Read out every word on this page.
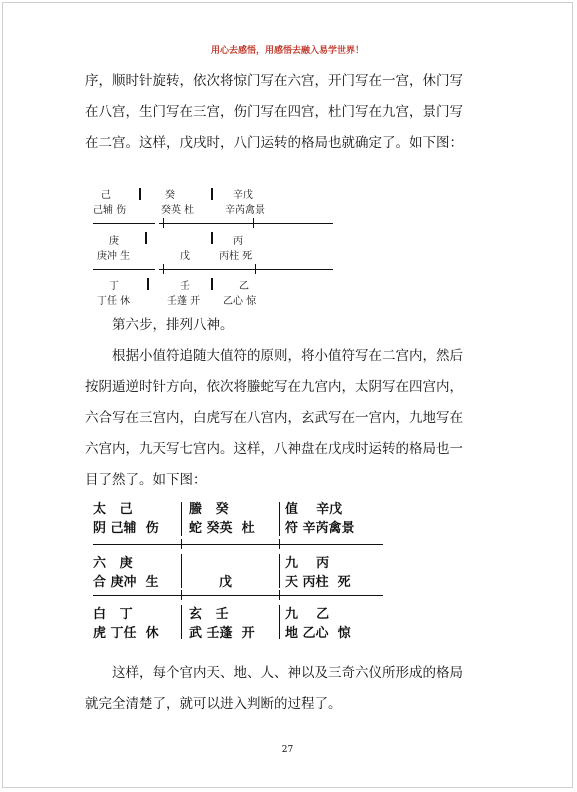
用心去感悟，用感悟去融入易学世界！
序，顺时针旋转，依次将惊门写在六宫，开门写在一宫，休门写
在八宫，生门写在三宫，伤门写在四宫，杜门写在九宫，景门写
在二宫。这样，戊戌时，八门运转的格局也就确定了。如下图：
己
己辅 伤
癸
癸英 杜
辛戊
辛芮禽景
庚
庚冲 生	戊
丙
丙柱 死
丁
丁任 休
壬
壬蓬 开
乙
乙心 惊
第六步，排列八神。
根据小值符追随大值符的原则，将小值符写在二宫内，然后
按阴遁逆时针方向，依次将螣蛇写在九宫内，太阴写在四宫内，
六合写在三宫内，白虎写在八宫内，玄武写在一宫内，九地写在
六宫内，九天写七宫内。这样，八神盘在戊戌时运转的格局也一
目了然了。如下图：
太   己
阴 己辅  伤
螣   癸
蛇 癸英  杜
值    辛戊
符 辛芮禽景
六   庚
合 庚冲  生	戊
九    丙
天 丙柱  死
白   丁
虎 丁任  休
玄   壬
武 壬蓬  开
九    乙
地 乙心  惊
这样，每个官内天、地、人、神以及三奇六仪所形成的格局
就完全清楚了，就可以进入判断的过程了。
27
